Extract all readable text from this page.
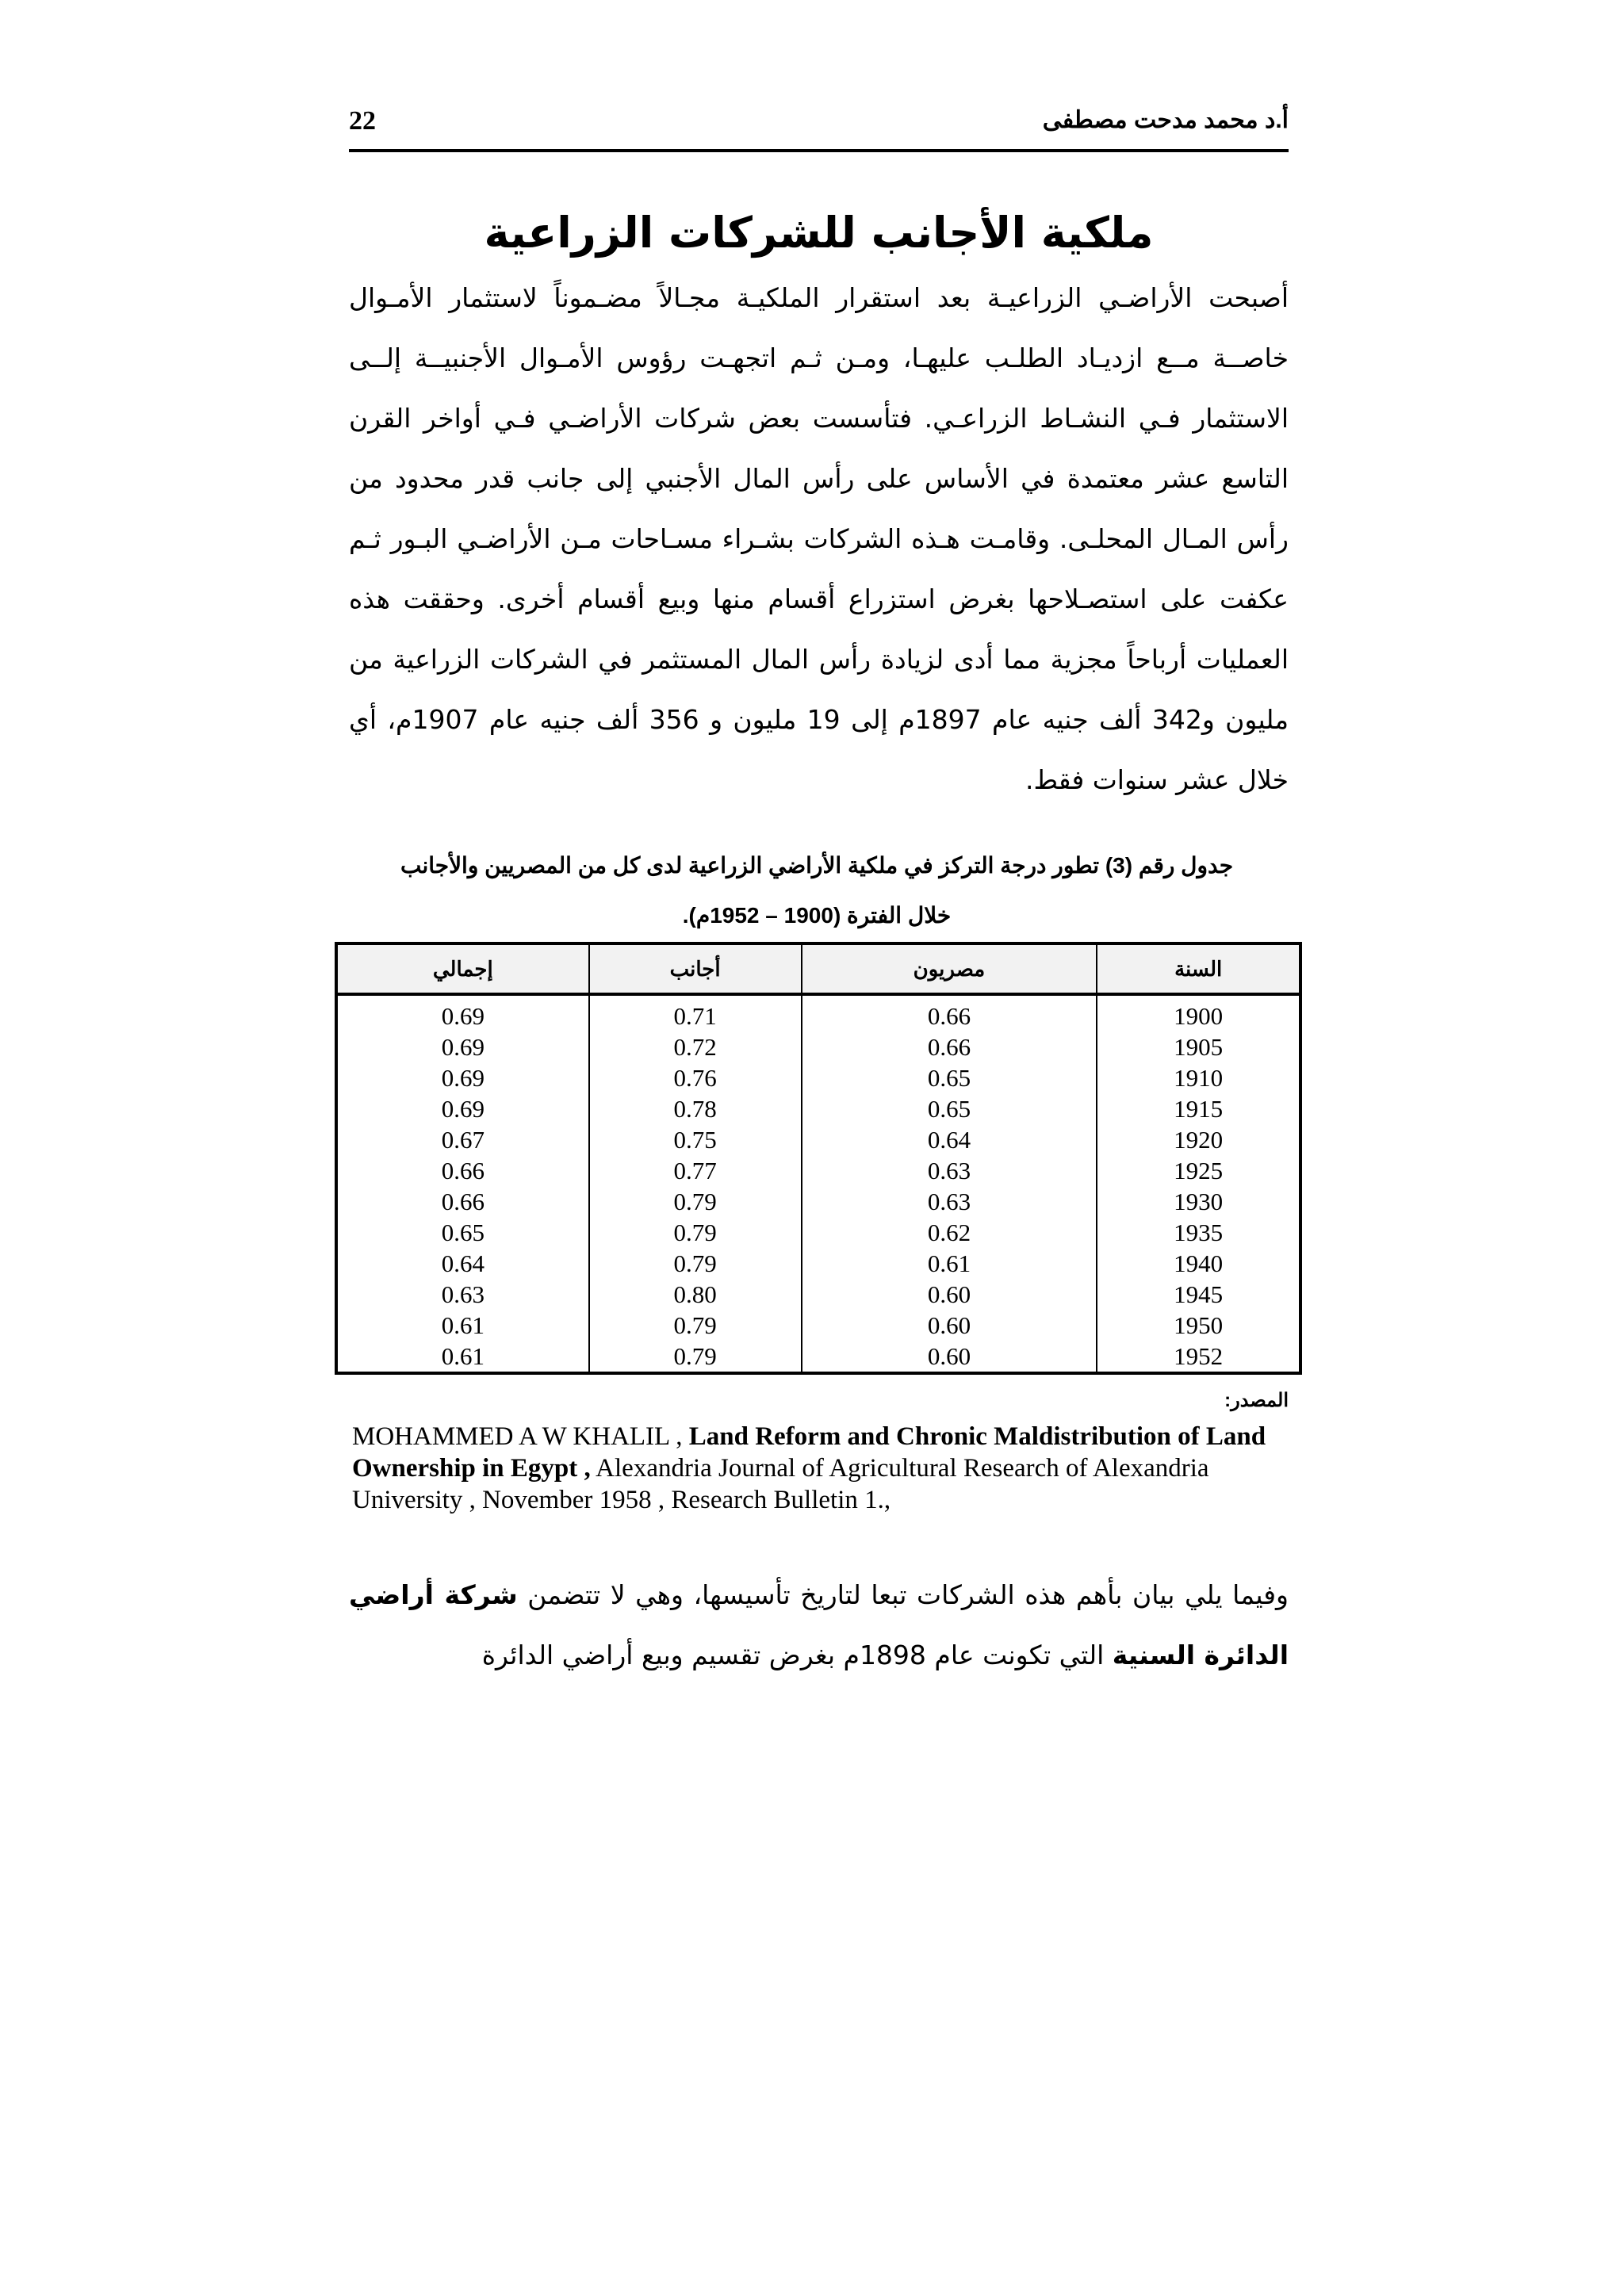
22	أ.د محمد مدحت مصطفى
ملكية الأجانب للشركات الزراعية

أصبحت الأراضـي الزراعيـة بعد استقرار الملكيـة مجـالاً مضـموناً لاستثمار الأمـوال خاصــة مــع ازديـاد الطلـب عليهـا، ومـن ثـم اتجهـت رؤوس الأمـوال الأجنبيــة إلــى الاستثمار فـي النشـاط الزراعـي. فتأسست بعض شركات الأراضـي فـي أواخر القرن التاسع عشر معتمدة في الأساس على رأس المال الأجنبي إلى جانب قدر محدود من رأس المـال المحلـى. وقامـت هـذه الشركات بشـراء مسـاحات مـن الأراضـي البـور ثـم عكفت على استصـلاحها بغرض استزراع أقسام منها وبيع أقسام أخرى. وحققت هذه العمليات أرباحاً مجزية مما أدى لزيادة رأس المال المستثمر في الشركات الزراعية من مليون و342 ألف جنيه عام 1897م إلى 19 مليون و 356 ألف جنيه عام 1907م، أي خلال عشر سنوات فقط.

جدول رقم (3) تطور درجة التركز في ملكية الأراضي الزراعية لدى كل من المصريين والأجانب
خلال الفترة (1900 – 1952م).
السنة	مصريون	أجانب	إجمالي
1900	0.66	0.71	0.69
1905	0.66	0.72	0.69
1910	0.65	0.76	0.69
1915	0.65	0.78	0.69
1920	0.64	0.75	0.67
1925	0.63	0.77	0.66
1930	0.63	0.79	0.66
1935	0.62	0.79	0.65
1940	0.61	0.79	0.64
1945	0.60	0.80	0.63
1950	0.60	0.79	0.61
1952	0.60	0.79	0.61
المصدر:
MOHAMMED A W KHALIL , Land Reform and Chronic Maldistribution of Land Ownership in Egypt , Alexandria Journal of Agricultural Research of Alexandria University , November 1958 , Research Bulletin 1.,

وفيما يلي بيان بأهم هذه الشركات تبعا لتاريخ تأسيسها، وهي لا تتضمن شركة أراضي الدائرة السنية التي تكونت عام 1898م بغرض تقسيم وبيع أراضي الدائرة
